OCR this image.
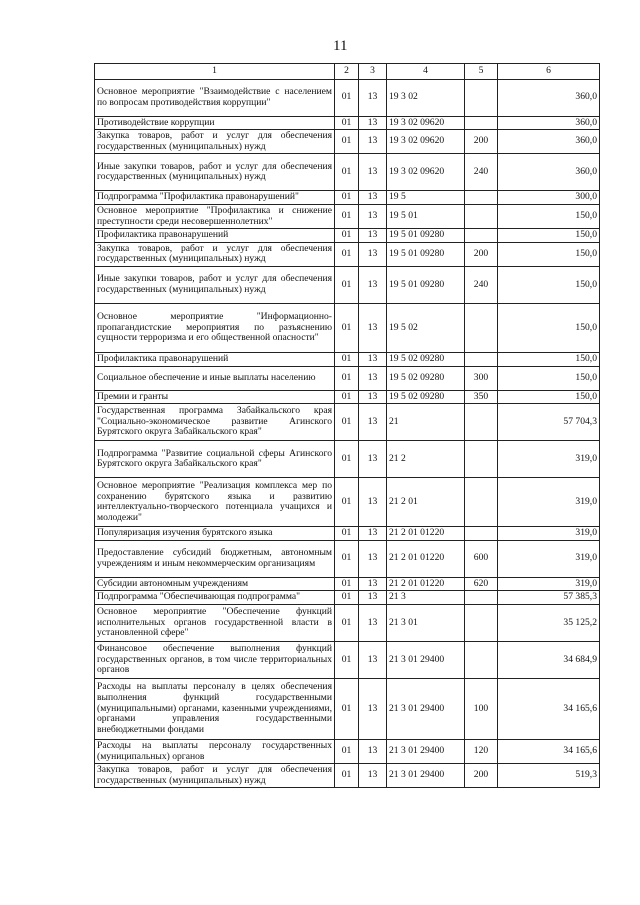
11
1	2	3	4	5	6
Основное мероприятие "Взаимодействие с населением по вопросам противодействия коррупции"	01	13	19 3 02		360,0
Противодействие коррупции	01	13	19 3 02 09620		360,0
Закупка товаров, работ и услуг для обеспечения государственных (муниципальных) нужд	01	13	19 3 02 09620	200	360,0
Иные закупки товаров, работ и услуг для обеспечения государственных (муниципальных) нужд	01	13	19 3 02 09620	240	360,0
Подпрограмма "Профилактика правонарушений"	01	13	19 5		300,0
Основное мероприятие "Профилактика и снижение преступности среди несовершеннолетних"	01	13	19 5 01		150,0
Профилактика правонарушений	01	13	19 5 01 09280		150,0
Закупка товаров, работ и услуг для обеспечения государственных (муниципальных) нужд	01	13	19 5 01 09280	200	150,0
Иные закупки товаров, работ и услуг для обеспечения государственных (муниципальных) нужд	01	13	19 5 01 09280	240	150,0
Основное мероприятие "Информационно-пропагандистские мероприятия по разъяснению сущности терроризма и его общественной опасности"	01	13	19 5 02		150,0
Профилактика правонарушений	01	13	19 5 02 09280		150,0
Социальное обеспечение и иные выплаты населению	01	13	19 5 02 09280	300	150,0
Премии и гранты	01	13	19 5 02 09280	350	150,0
Государственная программа Забайкальского края "Социально-экономическое развитие Агинского Бурятского округа Забайкальского края"	01	13	21		57 704,3
Подпрограмма "Развитие социальной сферы Агинского Бурятского округа Забайкальского края"	01	13	21 2		319,0
Основное мероприятие "Реализация комплекса мер по сохранению бурятского языка и развитию интеллектуально-творческого потенциала учащихся и молодежи"	01	13	21 2 01		319,0
Популяризация изучения бурятского языка	01	13	21 2 01 01220		319,0
Предоставление субсидий бюджетным, автономным учреждениям и иным некоммерческим организациям	01	13	21 2 01 01220	600	319,0
Субсидии автономным учреждениям	01	13	21 2 01 01220	620	319,0
Подпрограмма "Обеспечивающая подпрограмма"	01	13	21 3		57 385,3
Основное мероприятие "Обеспечение функций исполнительных органов государственной власти в установленной сфере"	01	13	21 3 01		35 125,2
Финансовое обеспечение выполнения функций государственных органов, в том числе территориальных органов	01	13	21 3 01 29400		34 684,9
Расходы на выплаты персоналу в целях обеспечения выполнения функций государственными (муниципальными) органами, казенными учреждениями, органами управления государственными внебюджетными фондами	01	13	21 3 01 29400	100	34 165,6
Расходы на выплаты персоналу государственных (муниципальных) органов	01	13	21 3 01 29400	120	34 165,6
Закупка товаров, работ и услуг для обеспечения государственных (муниципальных) нужд	01	13	21 3 01 29400	200	519,3
